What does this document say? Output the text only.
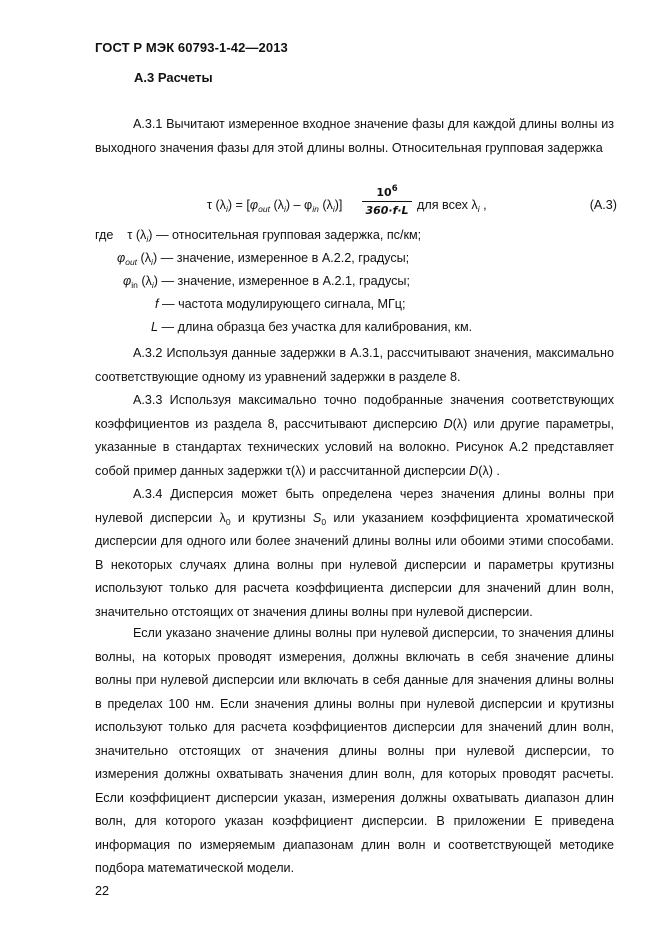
ГОСТ Р МЭК 60793-1-42—2013
А.3 Расчеты

А.3.1 Вычитают измеренное входное значение фазы для каждой длины волны из выходного значения фазы для этой длины волны. Относительная групповая задержка

τ $(\lambda_i) = [\varphi_{out}$ $(\lambda_i) - \varphi_{in}$ $(\lambda_i)] \frac{10^6}{360\cdot f\cdot L}$ для всех $\lambda_i$ ,	(А.3)
где τ $(\lambda_i)$ — относительная групповая задержка, пс/км;
$\varphi_{out}$ $(\lambda_i)$ — значение, измеренное в А.2.2, градусы;
$\varphi_{in}$ $(\lambda_i)$ — значение, измеренное в А.2.1, градусы;
f — частота модулирующего сигнала, МГц;
L — длина образца без участка для калибрования, км.

А.3.2 Используя данные задержки в А.3.1, рассчитывают значения, максимально соответствующие одному из уравнений задержки в разделе 8.

А.3.3 Используя максимально точно подобранные значения соответствующих коэффициентов из раздела 8, рассчитывают дисперсию D(λ) или другие параметры, указанные в стандартах технических условий на волокно. Рисунок А.2 представляет собой пример данных задержки τ(λ) и рассчитанной дисперсии D(λ) .

А.3.4 Дисперсия может быть определена через значения длины волны при нулевой дисперсии $\lambda_0$ и крутизны $S_0$ или указанием коэффициента хроматической дисперсии для одного или более значений длины волны или обоими этими способами. В некоторых случаях длина волны при нулевой дисперсии и параметры крутизны используют только для расчета коэффициента дисперсии для значений длин волн, значительно отстоящих от значения длины волны при нулевой дисперсии.

Если указано значение длины волны при нулевой дисперсии, то значения длины волны, на которых проводят измерения, должны включать в себя значение длины волны при нулевой дисперсии или включать в себя данные для значения длины волны в пределах 100 нм. Если значения длины волны при нулевой дисперсии и крутизны используют только для расчета коэффициентов дисперсии для значений длин волн, значительно отстоящих от значения длины волны при нулевой дисперсии, то измерения должны охватывать значения длин волн, для которых проводят расчеты. Если коэффициент дисперсии указан, измерения должны охватывать диапазон длин волн, для которого указан коэффициент дисперсии. В приложении Е приведена информация по измеряемым диапазонам длин волн и соответствующей методике подбора математической модели.

22
